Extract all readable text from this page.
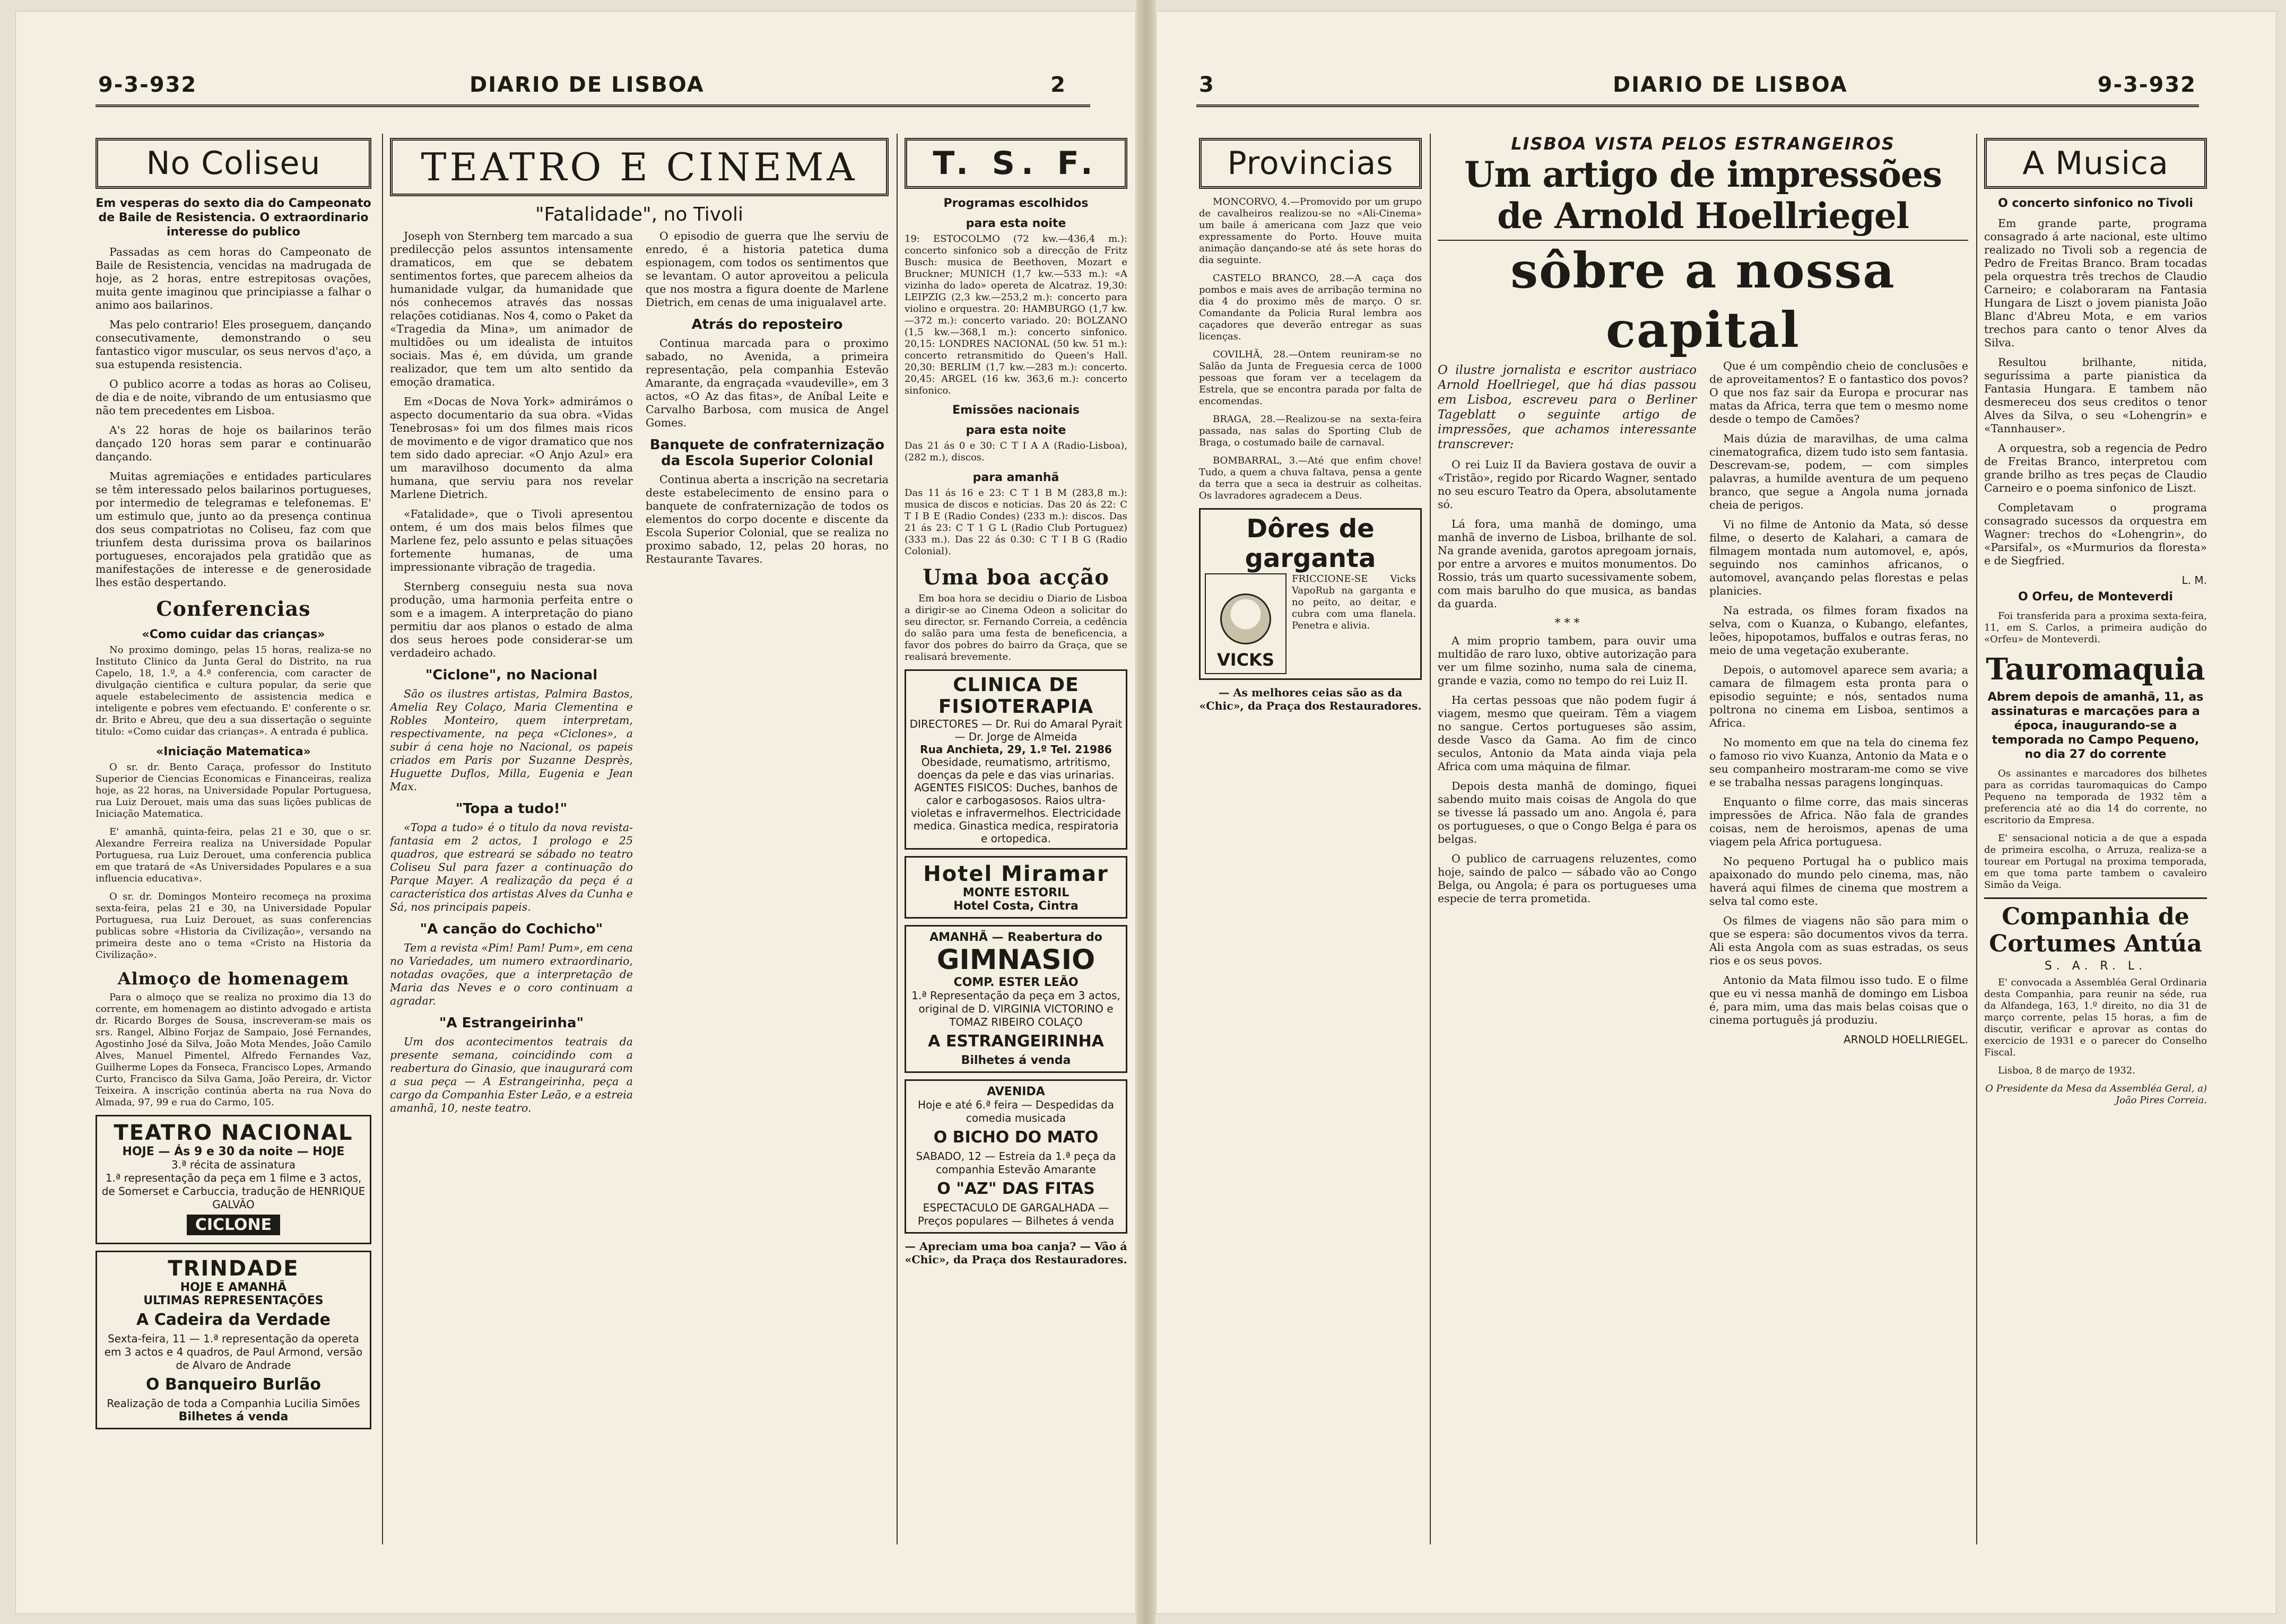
9-3-932	DIARIO DE LISBOA	2
No Coliseu
Em vesperas do sexto dia do Campeonato de Baile de Resistencia. O extraordinario interesse do publico

Passadas as cem horas do Campeonato de Baile de Resistencia, vencidas na madrugada de hoje, as 2 horas, entre estrepitosas ovações, muita gente imaginou que principiasse a falhar o animo aos bailarinos.

Mas pelo contrario! Eles proseguem, dançando consecutivamente, demonstrando o seu fantastico vigor muscular, os seus nervos d'aço, a sua estupenda resistencia.

O publico acorre a todas as horas ao Coliseu, de dia e de noite, vibrando de um entusiasmo que não tem precedentes em Lisboa.

A's 22 horas de hoje os bailarinos terão dançado 120 horas sem parar e continuarão dançando.

Muitas agremiações e entidades particulares se têm interessado pelos bailarinos portugueses, por intermedio de telegramas e telefonemas. E' um estimulo que, junto ao da presença continua dos seus compatriotas no Coliseu, faz com que triunfem desta durissima prova os bailarinos portugueses, encorajados pela gratidão que as manifestações de interesse e de generosidade lhes estão despertando.

Conferencias
«Como cuidar das crianças»

No proximo domingo, pelas 15 horas, realiza-se no Instituto Clinico da Junta Geral do Distrito, na rua Capelo, 18, 1.º, a 4.ª conferencia, com caracter de divulgação cientifica e cultura popular, da serie que aquele estabelecimento de assistencia medica e inteligente e pobres vem efectuando. E' conferente o sr. dr. Brito e Abreu, que deu a sua dissertação o seguinte titulo: «Como cuidar das crianças». A entrada é publica.

«Iniciação Matematica»

O sr. dr. Bento Caraça, professor do Instituto Superior de Ciencias Economicas e Financeiras, realiza hoje, as 22 horas, na Universidade Popular Portuguesa, rua Luiz Derouet, mais uma das suas lições publicas de Iniciação Matematica.

E' amanhã, quinta-feira, pelas 21 e 30, que o sr. Alexandre Ferreira realiza na Universidade Popular Portuguesa, rua Luiz Derouet, uma conferencia publica em que tratará de «As Universidades Populares e a sua influencia educativa».

O sr. dr. Domingos Monteiro recomeça na proxima sexta-feira, pelas 21 e 30, na Universidade Popular Portuguesa, rua Luiz Derouet, as suas conferencias publicas sobre «Historia da Civilização», versando na primeira deste ano o tema «Cristo na Historia da Civilização».

Almoço de homenagem

Para o almoço que se realiza no proximo dia 13 do corrente, em homenagem ao distinto advogado e artista dr. Ricardo Borges de Sousa, inscreveram-se mais os srs. Rangel, Albino Forjaz de Sampaio, José Fernandes, Agostinho José da Silva, João Mota Mendes, João Camilo Alves, Manuel Pimentel, Alfredo Fernandes Vaz, Guilherme Lopes da Fonseca, Francisco Lopes, Armando Curto, Francisco da Silva Gama, João Pereira, dr. Victor Teixeira. A inscrição continúa aberta na rua Nova do Almada, 97, 99 e rua do Carmo, 105.

TEATRO NACIONAL
HOJE — Ás 9 e 30 da noite — HOJE
3.ª récita de assinatura
1.ª representação da peça em 1 filme e 3 actos, de Somerset e Carbuccia, tradução de HENRIQUE GALVÃO
CICLONE
TRINDADE
HOJE E AMANHÃ
ULTIMAS REPRESENTAÇÕES
A Cadeira da Verdade
Sexta-feira, 11 — 1.ª representação da opereta em 3 actos e 4 quadros, de Paul Armond, versão de Alvaro de Andrade
O Banqueiro Burlão
Realização de toda a Companhia Lucilia Simões
Bilhetes á venda
TEATRO E CINEMA
"Fatalidade", no Tivoli

Joseph von Sternberg tem marcado a sua predilecção pelos assuntos intensamente dramaticos, em que se debatem sentimentos fortes, que parecem alheios da humanidade vulgar, da humanidade que nós conhecemos através das nossas relações cotidianas. Nos 4, como o Paket da «Tragedia da Mina», um animador de multidões ou um idealista de intuitos sociais. Mas é, em dúvida, um grande realizador, que tem um alto sentido da emoção dramatica.

Em «Docas de Nova York» admirámos o aspecto documentario da sua obra. «Vidas Tenebrosas» foi um dos filmes mais ricos de movimento e de vigor dramatico que nos tem sido dado apreciar. «O Anjo Azul» era um maravilhoso documento da alma humana, que serviu para nos revelar Marlene Dietrich.

«Fatalidade», que o Tivoli apresentou ontem, é um dos mais belos filmes que Marlene fez, pelo assunto e pelas situações fortemente humanas, de uma impressionante vibração de tragedia.

Sternberg conseguiu nesta sua nova produção, uma harmonia perfeita entre o som e a imagem. A interpretação do piano permitiu dar aos planos o estado de alma dos seus heroes pode considerar-se um verdadeiro achado.

"Ciclone", no Nacional

São os ilustres artistas, Palmira Bastos, Amelia Rey Colaço, Maria Clementina e Robles Monteiro, quem interpretam, respectivamente, na peça «Ciclones», a subir á cena hoje no Nacional, os papeis criados em Paris por Suzanne Desprès, Huguette Duflos, Milla, Eugenia e Jean Max.

"Topa a tudo!"

«Topa a tudo» é o titulo da nova revista-fantasia em 2 actos, 1 prologo e 25 quadros, que estreará se sábado no teatro Coliseu Sul para fazer a continuação do Parque Mayer. A realização da peça é a característica dos artistas Alves da Cunha e Sá, nos principais papeis.

"A canção do Cochicho"

Tem a revista «Pim! Pam! Pum», em cena no Variedades, um numero extraordinario, notadas ovações, que a interpretação de Maria das Neves e o coro continuam a agradar.

"A Estrangeirinha"

Um dos acontecimentos teatrais da presente semana, coincidindo com a reabertura do Ginasio, que inaugurará com a sua peça — A Estrangeirinha, peça a cargo da Companhia Ester Leão, e a estreia amanhã, 10, neste teatro.

O episodio de guerra que lhe serviu de enredo, é a historia patetica duma espionagem, com todos os sentimentos que se levantam. O autor aproveitou a pelicula que nos mostra a figura doente de Marlene Dietrich, em cenas de uma inigualavel arte.

Atrás do reposteiro

Continua marcada para o proximo sabado, no Avenida, a primeira representação, pela companhia Estevão Amarante, da engraçada «vaudeville», em 3 actos, «O Az das fitas», de Aníbal Leite e Carvalho Barbosa, com musica de Angel Gomes.

Banquete de confraternização da Escola Superior Colonial

Continua aberta a inscrição na secretaria deste estabelecimento de ensino para o banquete de confraternização de todos os elementos do corpo docente e discente da Escola Superior Colonial, que se realiza no proximo sabado, 12, pelas 20 horas, no Restaurante Tavares.

T. S. F.
Programas escolhidos
para esta noite

19: ESTOCOLMO (72 kw.—436,4 m.): concerto sinfonico sob a direcção de Fritz Busch: musica de Beethoven, Mozart e Bruckner; MUNICH (1,7 kw.—533 m.): «A vizinha do lado» opereta de Alcatraz. 19,30: LEIPZIG (2,3 kw.—253,2 m.): concerto para violino e orquestra. 20: HAMBURGO (1,7 kw.—372 m.): concerto variado. 20: BOLZANO (1,5 kw.—368,1 m.): concerto sinfonico. 20,15: LONDRES NACIONAL (50 kw. 51 m.): concerto retransmitido do Queen's Hall. 20,30: BERLIM (1,7 kw.—283 m.): concerto. 20,45: ARGEL (16 kw. 363,6 m.): concerto sinfonico.

Emissões nacionais
para esta noite

Das 21 ás 0 e 30: C T I A A (Radio-Lisboa), (282 m.), discos.

para amanhã

Das 11 ás 16 e 23: C T 1 B M (283,8 m.): musica de discos e noticias. Das 20 ás 22: C T I B E (Radio Condes) (233 m.): discos. Das 21 ás 23: C T 1 G L (Radio Club Portuguez) (333 m.). Das 22 ás 0.30: C T I B G (Radio Colonial).

Uma boa acção

Em boa hora se decidiu o Diario de Lisboa a dirigir-se ao Cinema Odeon a solicitar do seu director, sr. Fernando Correia, a cedência do salão para uma festa de beneficencia, a favor dos pobres do bairro da Graça, que se realisará brevemente.

CLINICA DE FISIOTERAPIA
DIRECTORES — Dr. Rui do Amaral Pyrait — Dr. Jorge de Almeida
Rua Anchieta, 29, 1.º Tel. 21986
Obesidade, reumatismo, artritismo, doenças da pele e das vias urinarias. AGENTES FISICOS: Duches, banhos de calor e carbogasosos. Raios ultra-violetas e infravermelhos. Electricidade medica. Ginastica medica, respiratoria e ortopedica.
Hotel Miramar
MONTE ESTORIL
Hotel Costa, Cintra
AMANHÃ — Reabertura do
GIMNASIO
COMP. ESTER LEÃO
1.ª Representação da peça em 3 actos, original de D. VIRGINIA VICTORINO e TOMAZ RIBEIRO COLAÇO
A ESTRANGEIRINHA
Bilhetes á venda
AVENIDA
Hoje e até 6.ª feira — Despedidas da comedia musicada
O BICHO DO MATO
SABADO, 12 — Estreia da 1.ª peça da companhia Estevão Amarante
O "AZ" DAS FITAS
ESPECTACULO DE GARGALHADA — Preços populares — Bilhetes á venda

— Apreciam uma boa canja? — Vão á «Chic», da Praça dos Restauradores.

3	DIARIO DE LISBOA	9-3-932
Provincias

MONCORVO, 4.—Promovido por um grupo de cavalheiros realizou-se no «Ali-Cinema» um baile á americana com Jazz que veio expressamente do Porto. Houve muita animação dançando-se até ás sete horas do dia seguinte.

CASTELO BRANCO, 28.—A caça dos pombos e mais aves de arribação termina no dia 4 do proximo mês de março. O sr. Comandante da Policia Rural lembra aos caçadores que deverão entregar as suas licenças.

COVILHÃ, 28.—Ontem reuniram-se no Salão da Junta de Freguesia cerca de 1000 pessoas que foram ver a tecelagem da Estrela, que se encontra parada por falta de encomendas.

BRAGA, 28.—Realizou-se na sexta-feira passada, nas salas do Sporting Club de Braga, o costumado baile de carnaval.

BOMBARRAL, 3.—Até que enfim chove! Tudo, a quem a chuva faltava, pensa a gente da terra que a seca ia destruir as colheitas. Os lavradores agradecem a Deus.

Dôres de garganta
VICKS
FRICCIONE-SE Vicks VapoRub na garganta e no peito, ao deitar, e cubra com uma flanela. Penetra e alivia.

— As melhores ceias são as da «Chic», da Praça dos Restauradores.

LISBOA VISTA PELOS ESTRANGEIROS
Um artigo de impressões de Arnold Hoellriegel
sôbre a nossa capital

O ilustre jornalista e escritor austriaco Arnold Hoellriegel, que há dias passou em Lisboa, escreveu para o Berliner Tageblatt o seguinte artigo de impressões, que achamos interessante transcrever:

O rei Luiz II da Baviera gostava de ouvir a «Tristão», regido por Ricardo Wagner, sentado no seu escuro Teatro da Opera, absolutamente só.

Lá fora, uma manhã de domingo, uma manhã de inverno de Lisboa, brilhante de sol. Na grande avenida, garotos apregoam jornais, por entre a arvores e muitos monumentos. Do Rossio, trás um quarto sucessivamente sobem, com mais barulho do que musica, as bandas da guarda.

* * *

A mim proprio tambem, para ouvir uma multidão de raro luxo, obtive autorização para ver um filme sozinho, numa sala de cinema, grande e vazia, como no tempo do rei Luiz II.

Ha certas pessoas que não podem fugir á viagem, mesmo que queiram. Têm a viagem no sangue. Certos portugueses são assim, desde Vasco da Gama. Ao fim de cinco seculos, Antonio da Mata ainda viaja pela Africa com uma máquina de filmar.

Depois desta manhã de domingo, fiquei sabendo muito mais coisas de Angola do que se tivesse lá passado um ano. Angola é, para os portugueses, o que o Congo Belga é para os belgas.

O publico de carruagens reluzentes, como hoje, saindo de palco — sábado vão ao Congo Belga, ou Angola; é para os portugueses uma especie de terra prometida.

Que é um compêndio cheio de conclusões e de aproveitamentos? E o fantastico dos povos? O que nos faz sair da Europa e procurar nas matas da Africa, terra que tem o mesmo nome desde o tempo de Camões?

Mais dúzia de maravilhas, de uma calma cinematografica, dizem tudo isto sem fantasia. Descrevam-se, podem, — com simples palavras, a humilde aventura de um pequeno branco, que segue a Angola numa jornada cheia de perigos.

Vi no filme de Antonio da Mata, só desse filme, o deserto de Kalahari, a camara de filmagem montada num automovel, e, após, seguindo nos caminhos africanos, o automovel, avançando pelas florestas e pelas planicies.

Na estrada, os filmes foram fixados na selva, com o Kuanza, o Kubango, elefantes, leões, hipopotamos, buffalos e outras feras, no meio de uma vegetação exuberante.

Depois, o automovel aparece sem avaria; a camara de filmagem esta pronta para o episodio seguinte; e nós, sentados numa poltrona no cinema em Lisboa, sentimos a Africa.

No momento em que na tela do cinema fez o famoso rio vivo Kuanza, Antonio da Mata e o seu companheiro mostraram-me como se vive e se trabalha nessas paragens longinquas.

Enquanto o filme corre, das mais sinceras impressões de Africa. Não fala de grandes coisas, nem de heroismos, apenas de uma viagem pela Africa portuguesa.

No pequeno Portugal ha o publico mais apaixonado do mundo pelo cinema, mas, não haverá aqui filmes de cinema que mostrem a selva tal como este.

Os filmes de viagens não são para mim o que se espera: são documentos vivos da terra. Ali esta Angola com as suas estradas, os seus rios e os seus povos.

Antonio da Mata filmou isso tudo. E o filme que eu vi nessa manhã de domingo em Lisboa é, para mim, uma das mais belas coisas que o cinema português já produziu.

ARNOLD HOELLRIEGEL.
A Musica
O concerto sinfonico no Tivoli

Em grande parte, programa consagrado á arte nacional, este ultimo realizado no Tivoli sob a regencia de Pedro de Freitas Branco. Bram tocadas pela orquestra três trechos de Claudio Carneiro; e colaboraram na Fantasia Hungara de Liszt o jovem pianista João Blanc d'Abreu Mota, e em varios trechos para canto o tenor Alves da Silva.

Resultou brilhante, nitida, seguríssima a parte pianistica da Fantasia Hungara. E tambem não desmereceu dos seus creditos o tenor Alves da Silva, o seu «Lohengrin» e «Tannhauser».

A orquestra, sob a regencia de Pedro de Freitas Branco, interpretou com grande brilho as tres peças de Claudio Carneiro e o poema sinfonico de Liszt.

Completavam o programa consagrado sucessos da orquestra em Wagner: trechos do «Lohengrin», do «Parsifal», os «Murmurios da floresta» e de Siegfried.

L. M.
O Orfeu, de Monteverdi

Foi transferida para a proxima sexta-feira, 11, em S. Carlos, a primeira audição do «Orfeu» de Monteverdi.

Tauromaquia
Abrem depois de amanhã, 11, as assinaturas e marcações para a época, inaugurando-se a temporada no Campo Pequeno, no dia 27 do corrente

Os assinantes e marcadores dos bilhetes para as corridas tauromaquicas do Campo Pequeno na temporada de 1932 têm a preferencia até ao dia 14 do corrente, no escritorio da Empresa.

E' sensacional noticia a de que a espada de primeira escolha, o Arruza, realiza-se a tourear em Portugal na proxima temporada, em que toma parte tambem o cavaleiro Simão da Veiga.

Companhia de Cortumes Antúa
S. A. R. L.

E' convocada a Assembléa Geral Ordinaria desta Companhia, para reunir na séde, rua da Alfandega, 163, 1.º direito, no dia 31 de março corrente, pelas 15 horas, a fim de discutir, verificar e aprovar as contas do exercicio de 1931 e o parecer do Conselho Fiscal.

Lisboa, 8 de março de 1932.

O Presidente da Mesa da Assembléa Geral, a) João Pires Correia.
